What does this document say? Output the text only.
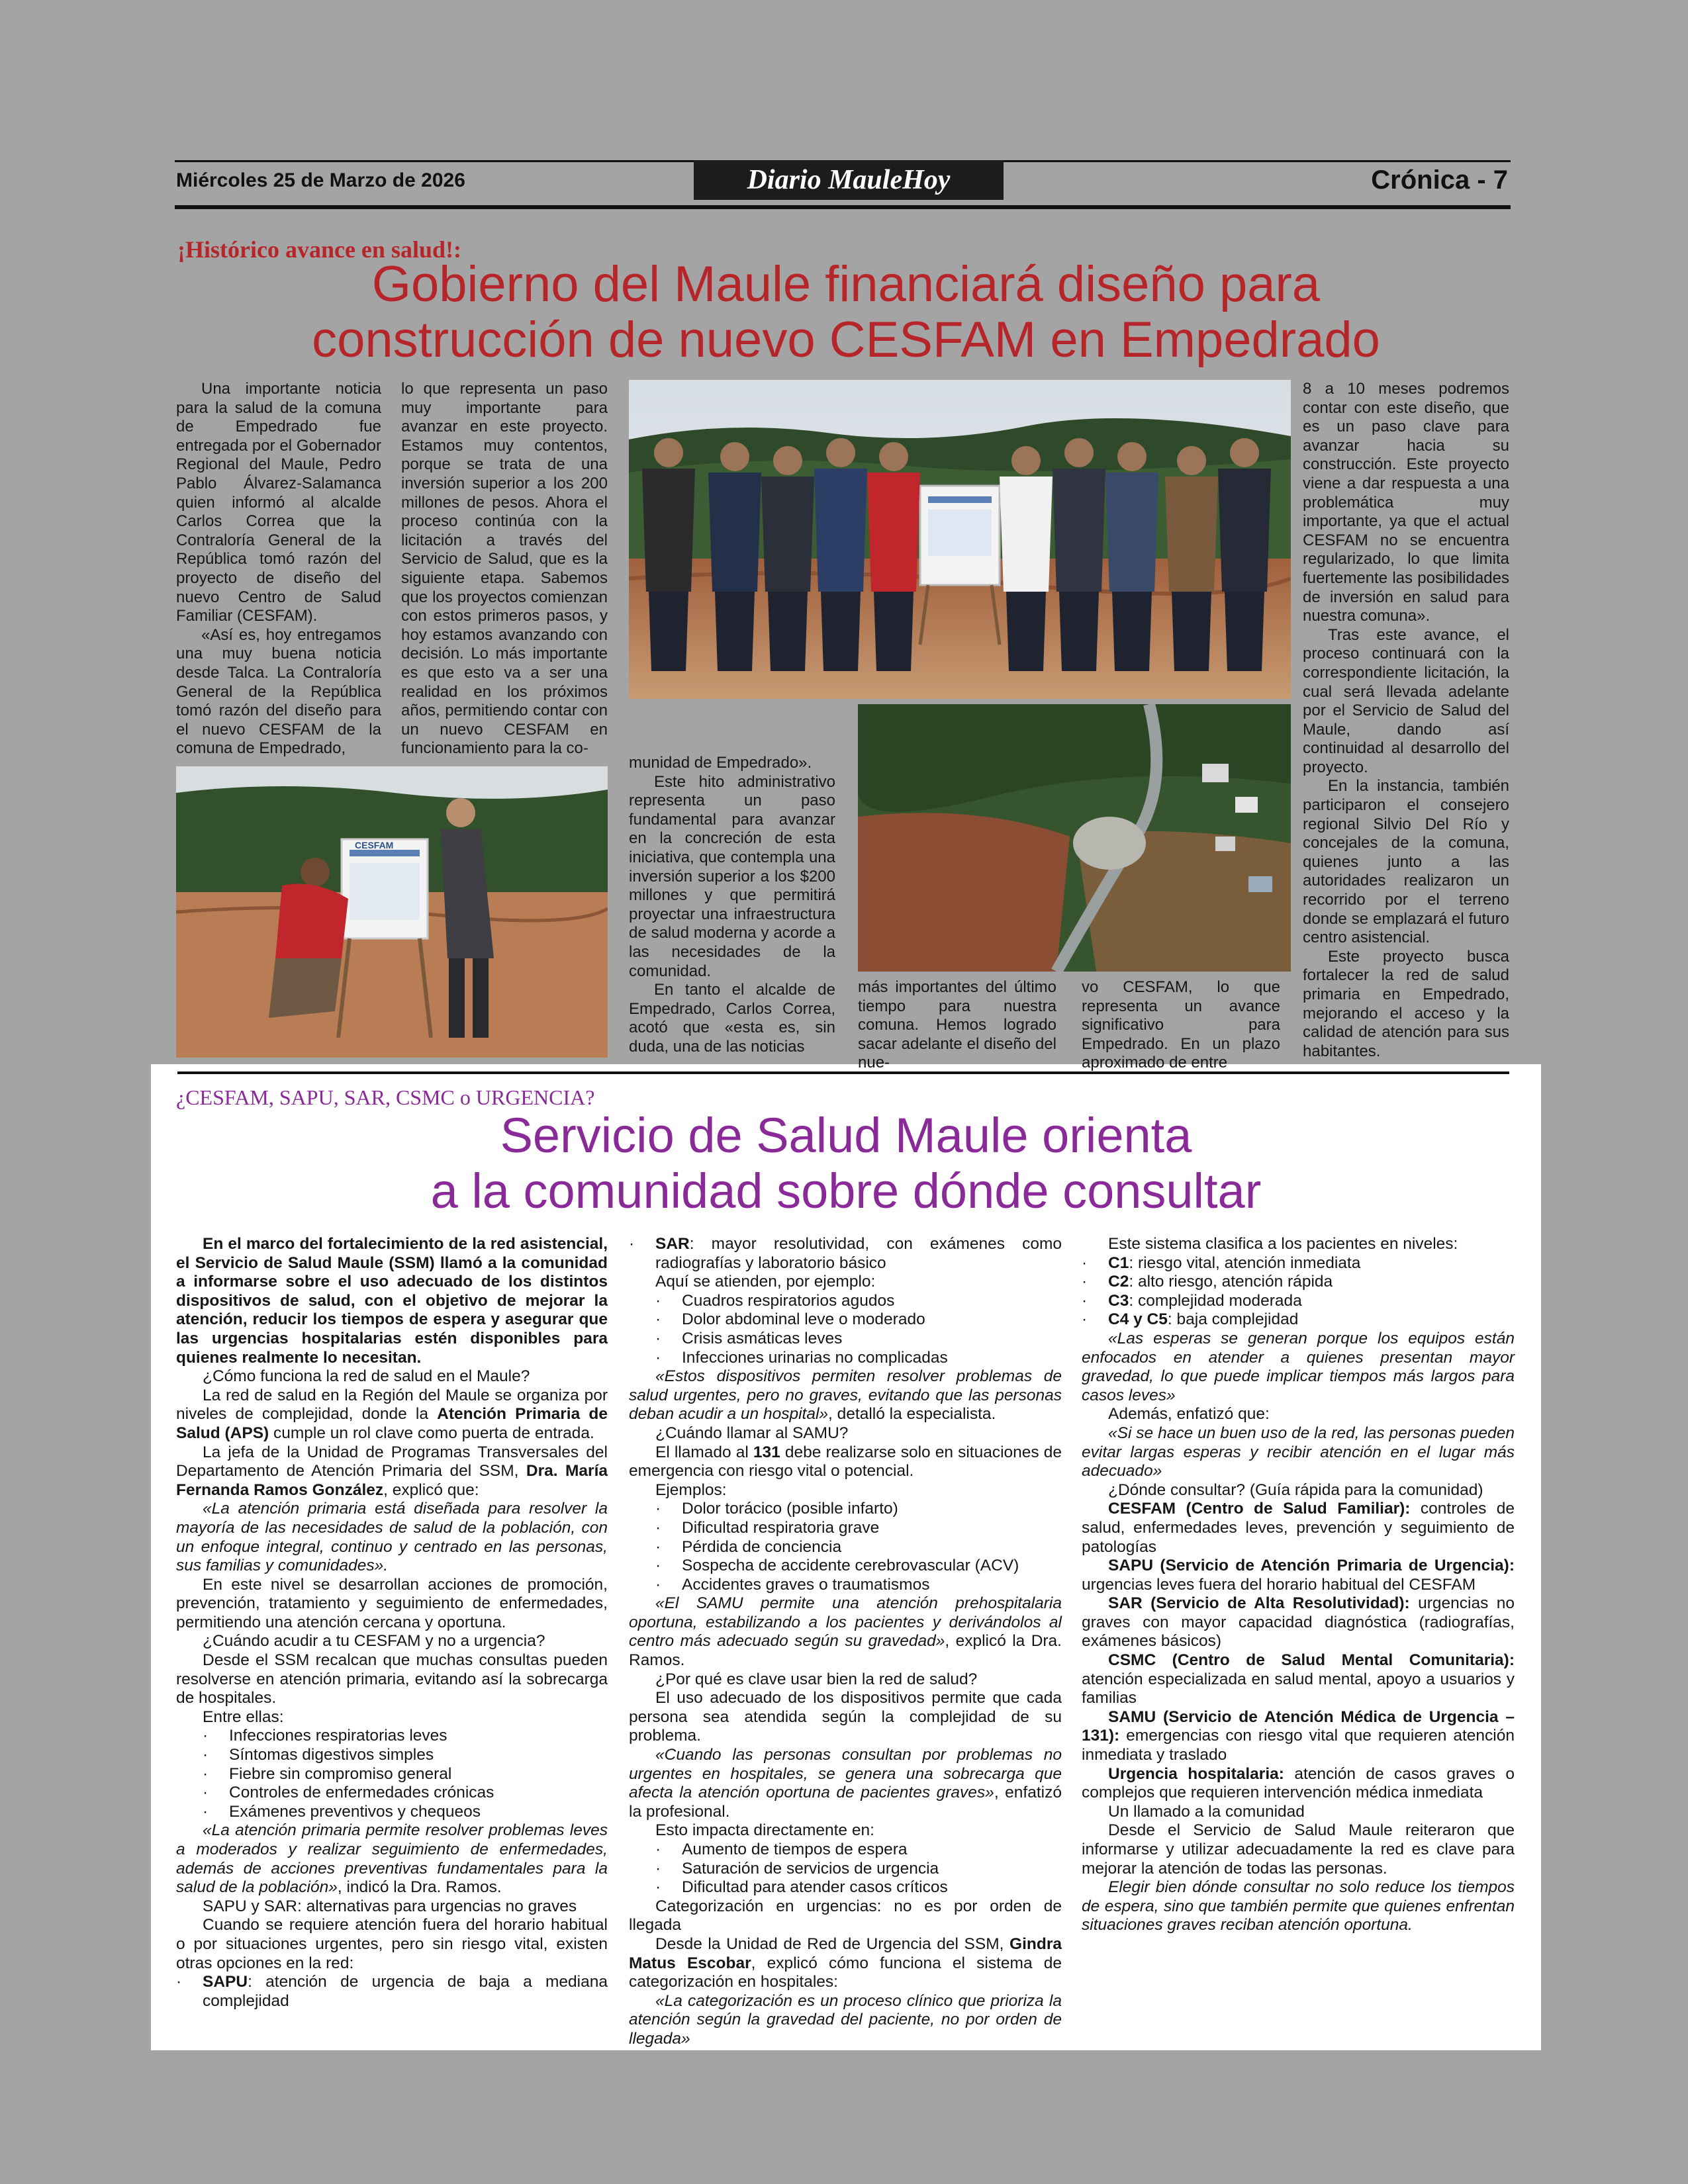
Miércoles 25 de Marzo de 2026	Diario MauleHoy	Crónica - 7
¡Histórico avance en salud!:
Gobierno del Maule financiará diseño para
construcción de nuevo CESFAM en Empedrado

Una importante noticia para la salud de la comuna de Empedrado fue entregada por el Gobernador Regional del Maule, Pedro Pablo Álvarez-Salamanca quien informó al alcalde Carlos Correa que la Contraloría General de la República tomó razón del proyecto de diseño del nuevo Centro de Salud Familiar (CESFAM).

«Así es, hoy entregamos una muy buena noticia desde Talca. La Contraloría General de la República tomó razón del diseño para el nuevo CESFAM de la comuna de Empedrado,

lo que representa un paso muy importante para avanzar en este proyecto. Estamos muy contentos, porque se trata de una inversión superior a los 200 millones de pesos. Ahora el proceso continúa con la licitación a través del Servicio de Salud, que es la siguiente etapa. Sabemos que los proyectos comienzan con estos primeros pasos, y hoy estamos avanzando con decisión. Lo más importante es que esto va a ser una realidad en los próximos años, permitiendo contar con un nuevo CESFAM en funcionamiento para la co-

munidad de Empedrado».

Este hito administrativo representa un paso fundamental para avanzar en la concreción de esta iniciativa, que contempla una inversión superior a los $200 millones y que permitirá proyectar una infraestructura de salud moderna y acorde a las necesidades de la comunidad.

En tanto el alcalde de Empedrado, Carlos Correa, acotó que «esta es, sin duda, una de las noticias

más importantes del último tiempo para nuestra comuna. Hemos logrado sacar adelante el diseño del nue-

vo CESFAM, lo que representa un avance significativo para Empedrado. En un plazo aproximado de entre

8 a 10 meses podremos contar con este diseño, que es un paso clave para avanzar hacia su construcción. Este proyecto viene a dar respuesta a una problemática muy importante, ya que el actual CESFAM no se encuentra regularizado, lo que limita fuertemente las posibilidades de inversión en salud para nuestra comuna».

Tras este avance, el proceso continuará con la correspondiente licitación, la cual será llevada adelante por el Servicio de Salud del Maule, dando así continuidad al desarrollo del proyecto.

En la instancia, también participaron el consejero regional Silvio Del Río y concejales de la comuna, quienes junto a las autoridades realizaron un recorrido por el terreno donde se emplazará el futuro centro asistencial.

Este proyecto busca fortalecer la red de salud primaria en Empedrado, mejorando el acceso y la calidad de atención para sus habitantes.

CESFAM
¿CESFAM, SAPU, SAR, CSMC o URGENCIA?
Servicio de Salud Maule orienta
a la comunidad sobre dónde consultar

En el marco del fortalecimiento de la red asistencial, el Servicio de Salud Maule (SSM) llamó a la comunidad a informarse sobre el uso adecuado de los distintos dispositivos de salud, con el objetivo de mejorar la atención, reducir los tiempos de espera y asegurar que las urgencias hospitalarias estén disponibles para quienes realmente lo necesitan.

¿Cómo funciona la red de salud en el Maule?

La red de salud en la Región del Maule se organiza por niveles de complejidad, donde la Atención Primaria de Salud (APS) cumple un rol clave como puerta de entrada.

La jefa de la Unidad de Programas Transversales del Departamento de Atención Primaria del SSM, Dra. María Fernanda Ramos González, explicó que:

«La atención primaria está diseñada para resolver la mayoría de las necesidades de salud de la población, con un enfoque integral, continuo y centrado en las personas, sus familias y comunidades».

En este nivel se desarrollan acciones de promoción, prevención, tratamiento y seguimiento de enfermedades, permitiendo una atención cercana y oportuna.

¿Cuándo acudir a tu CESFAM y no a urgencia?

Desde el SSM recalcan que muchas consultas pueden resolverse en atención primaria, evitando así la sobrecarga de hospitales.

Entre ellas:

· Infecciones respiratorias leves

· Síntomas digestivos simples

· Fiebre sin compromiso general

· Controles de enfermedades crónicas

· Exámenes preventivos y chequeos

«La atención primaria permite resolver problemas leves a moderados y realizar seguimiento de enfermedades, además de acciones preventivas fundamentales para la salud de la población», indicó la Dra. Ramos.

SAPU y SAR: alternativas para urgencias no graves

Cuando se requiere atención fuera del horario habitual o por situaciones urgentes, pero sin riesgo vital, existen otras opciones en la red:

· SAPU: atención de urgencia de baja a mediana complejidad

· SAR: mayor resolutividad, con exámenes como radiografías y laboratorio básico

Aquí se atienden, por ejemplo:

· Cuadros respiratorios agudos

· Dolor abdominal leve o moderado

· Crisis asmáticas leves

· Infecciones urinarias no complicadas

«Estos dispositivos permiten resolver problemas de salud urgentes, pero no graves, evitando que las personas deban acudir a un hospital», detalló la especialista.

¿Cuándo llamar al SAMU?

El llamado al 131 debe realizarse solo en situaciones de emergencia con riesgo vital o potencial.

Ejemplos:

· Dolor torácico (posible infarto)

· Dificultad respiratoria grave

· Pérdida de conciencia

· Sospecha de accidente cerebrovascular (ACV)

· Accidentes graves o traumatismos

«El SAMU permite una atención prehospitalaria oportuna, estabilizando a los pacientes y derivándolos al centro más adecuado según su gravedad», explicó la Dra. Ramos.

¿Por qué es clave usar bien la red de salud?

El uso adecuado de los dispositivos permite que cada persona sea atendida según la complejidad de su problema.

«Cuando las personas consultan por problemas no urgentes en hospitales, se genera una sobrecarga que afecta la atención oportuna de pacientes graves», enfatizó la profesional.

Esto impacta directamente en:

· Aumento de tiempos de espera

· Saturación de servicios de urgencia

· Dificultad para atender casos críticos

Categorización en urgencias: no es por orden de llegada

Desde la Unidad de Red de Urgencia del SSM, Gindra Matus Escobar, explicó cómo funciona el sistema de categorización en hospitales:

«La categorización es un proceso clínico que prioriza la atención según la gravedad del paciente, no por orden de llegada»

Este sistema clasifica a los pacientes en niveles:

· C1: riesgo vital, atención inmediata

· C2: alto riesgo, atención rápida

· C3: complejidad moderada

· C4 y C5: baja complejidad

«Las esperas se generan porque los equipos están enfocados en atender a quienes presentan mayor gravedad, lo que puede implicar tiempos más largos para casos leves»

Además, enfatizó que:

«Si se hace un buen uso de la red, las personas pueden evitar largas esperas y recibir atención en el lugar más adecuado»

¿Dónde consultar? (Guía rápida para la comunidad)

CESFAM (Centro de Salud Familiar): controles de salud, enfermedades leves, prevención y seguimiento de patologías

SAPU (Servicio de Atención Primaria de Urgencia): urgencias leves fuera del horario habitual del CESFAM

SAR (Servicio de Alta Resolutividad): urgencias no graves con mayor capacidad diagnóstica (radiografías, exámenes básicos)

CSMC (Centro de Salud Mental Comunitaria): atención especializada en salud mental, apoyo a usuarios y familias

SAMU (Servicio de Atención Médica de Urgencia – 131): emergencias con riesgo vital que requieren atención inmediata y traslado

Urgencia hospitalaria: atención de casos graves o complejos que requieren intervención médica inmediata

Un llamado a la comunidad

Desde el Servicio de Salud Maule reiteraron que informarse y utilizar adecuadamente la red es clave para mejorar la atención de todas las personas.

Elegir bien dónde consultar no solo reduce los tiempos de espera, sino que también permite que quienes enfrentan situaciones graves reciban atención oportuna.
